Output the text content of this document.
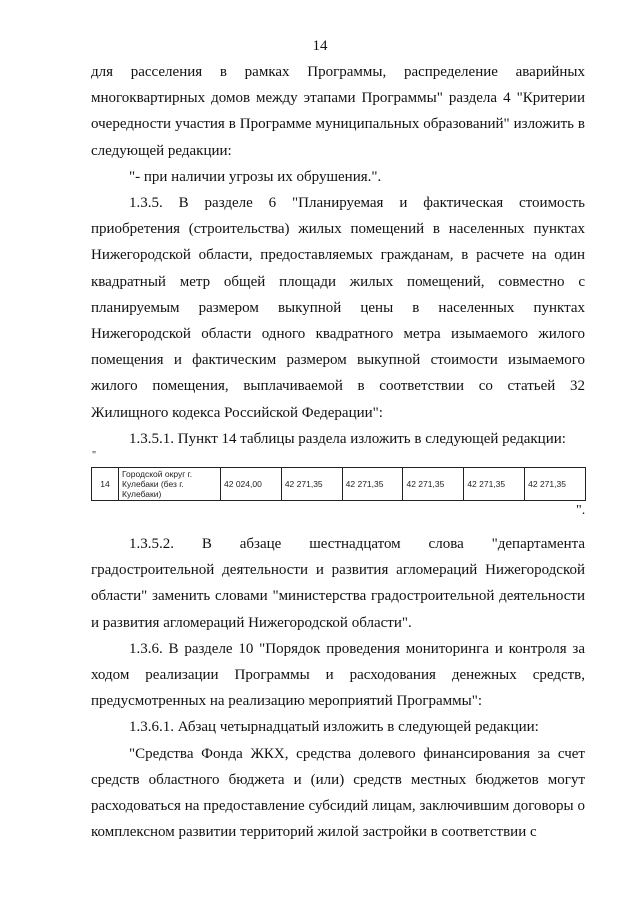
14

для расселения в рамках Программы, распределение аварийных многоквартирных домов между этапами Программы" раздела 4 "Критерии очередности участия в Программе муниципальных образований" изложить в следующей редакции:

"- при наличии угрозы их обрушения.".

1.3.5. В разделе 6 "Планируемая и фактическая стоимость приобретения (строительства) жилых помещений в населенных пунктах Нижегородской области, предоставляемых гражданам, в расчете на один квадратный метр общей площади жилых помещений, совместно с планируемым размером выкупной цены в населенных пунктах Нижегородской области одного квадратного метра изымаемого жилого помещения и фактическим размером выкупной стоимости изымаемого жилого помещения, выплачиваемой в соответствии со статьей 32 Жилищного кодекса Российской Федерации":

1.3.5.1. Пункт 14 таблицы раздела изложить в следующей редакции:

"
14	Городской округ г. Кулебаки (без г. Кулебаки)	42 024,00	42 271,35	42 271,35	42 271,35	42 271,35	42 271,35
".

1.3.5.2. В абзаце шестнадцатом слова "департамента градостроительной деятельности и развития агломераций Нижегородской области" заменить словами "министерства градостроительной деятельности и развития агломераций Нижегородской области".

1.3.6. В разделе 10 "Порядок проведения мониторинга и контроля за ходом реализации Программы и расходования денежных средств, предусмотренных на реализацию мероприятий Программы":

1.3.6.1. Абзац четырнадцатый изложить в следующей редакции:

"Средства Фонда ЖКХ, средства долевого финансирования за счет средств областного бюджета и (или) средств местных бюджетов могут расходоваться на предоставление субсидий лицам, заключившим договоры о комплексном развитии территорий жилой застройки в соответствии с
